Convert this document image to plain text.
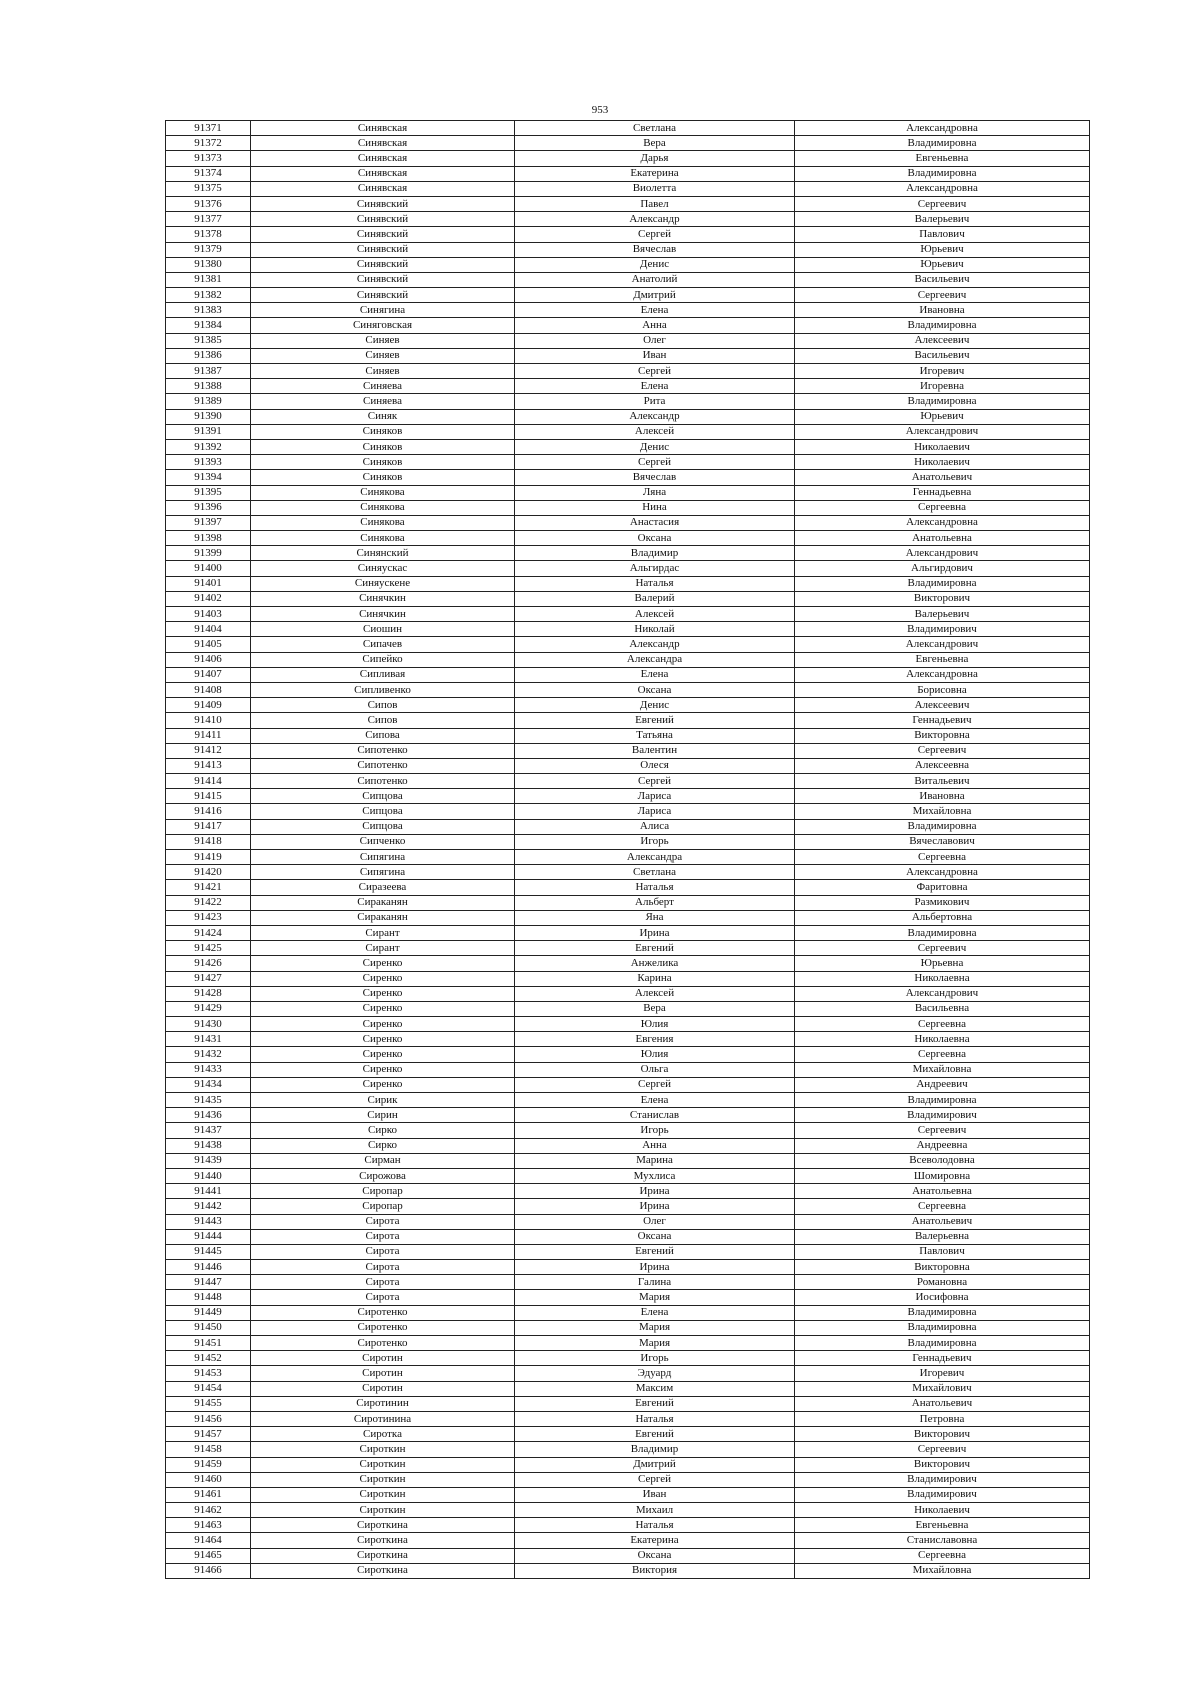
953
91371	Синявская	Светлана	Александровна
91372	Синявская	Вера	Владимировна
91373	Синявская	Дарья	Евгеньевна
91374	Синявская	Екатерина	Владимировна
91375	Синявская	Виолетта	Александровна
91376	Синявский	Павел	Сергеевич
91377	Синявский	Александр	Валерьевич
91378	Синявский	Сергей	Павлович
91379	Синявский	Вячеслав	Юрьевич
91380	Синявский	Денис	Юрьевич
91381	Синявский	Анатолий	Васильевич
91382	Синявский	Дмитрий	Сергеевич
91383	Синягина	Елена	Ивановна
91384	Синяговская	Анна	Владимировна
91385	Синяев	Олег	Алексеевич
91386	Синяев	Иван	Васильевич
91387	Синяев	Сергей	Игоревич
91388	Синяева	Елена	Игоревна
91389	Синяева	Рита	Владимировна
91390	Синяк	Александр	Юрьевич
91391	Синяков	Алексей	Александрович
91392	Синяков	Денис	Николаевич
91393	Синяков	Сергей	Николаевич
91394	Синяков	Вячеслав	Анатольевич
91395	Синякова	Ляна	Геннадьевна
91396	Синякова	Нина	Сергеевна
91397	Синякова	Анастасия	Александровна
91398	Синякова	Оксана	Анатольевна
91399	Синянский	Владимир	Александрович
91400	Синяускас	Альгирдас	Альгирдович
91401	Синяускене	Наталья	Владимировна
91402	Синячкин	Валерий	Викторович
91403	Синячкин	Алексей	Валерьевич
91404	Сиошин	Николай	Владимирович
91405	Сипачев	Александр	Александрович
91406	Сипейко	Александра	Евгеньевна
91407	Сипливая	Елена	Александровна
91408	Сипливенко	Оксана	Борисовна
91409	Сипов	Денис	Алексеевич
91410	Сипов	Евгений	Геннадьевич
91411	Сипова	Татьяна	Викторовна
91412	Сипотенко	Валентин	Сергеевич
91413	Сипотенко	Олеся	Алексеевна
91414	Сипотенко	Сергей	Витальевич
91415	Сипцова	Лариса	Ивановна
91416	Сипцова	Лариса	Михайловна
91417	Сипцова	Алиса	Владимировна
91418	Сипченко	Игорь	Вячеславович
91419	Сипягина	Александра	Сергеевна
91420	Сипягина	Светлана	Александровна
91421	Сиразеева	Наталья	Фаритовна
91422	Сираканян	Альберт	Размикович
91423	Сираканян	Яна	Альбертовна
91424	Сирант	Ирина	Владимировна
91425	Сирант	Евгений	Сергеевич
91426	Сиренко	Анжелика	Юрьевна
91427	Сиренко	Карина	Николаевна
91428	Сиренко	Алексей	Александрович
91429	Сиренко	Вера	Васильевна
91430	Сиренко	Юлия	Сергеевна
91431	Сиренко	Евгения	Николаевна
91432	Сиренко	Юлия	Сергеевна
91433	Сиренко	Ольга	Михайловна
91434	Сиренко	Сергей	Андреевич
91435	Сирик	Елена	Владимировна
91436	Сирин	Станислав	Владимирович
91437	Сирко	Игорь	Сергеевич
91438	Сирко	Анна	Андреевна
91439	Сирман	Марина	Всеволодовна
91440	Сирожова	Мухлиса	Шомировна
91441	Сиропар	Ирина	Анатольевна
91442	Сиропар	Ирина	Сергеевна
91443	Сирота	Олег	Анатольевич
91444	Сирота	Оксана	Валерьевна
91445	Сирота	Евгений	Павлович
91446	Сирота	Ирина	Викторовна
91447	Сирота	Галина	Романовна
91448	Сирота	Мария	Иосифовна
91449	Сиротенко	Елена	Владимировна
91450	Сиротенко	Мария	Владимировна
91451	Сиротенко	Мария	Владимировна
91452	Сиротин	Игорь	Геннадьевич
91453	Сиротин	Эдуард	Игоревич
91454	Сиротин	Максим	Михайлович
91455	Сиротинин	Евгений	Анатольевич
91456	Сиротинина	Наталья	Петровна
91457	Сиротка	Евгений	Викторович
91458	Сироткин	Владимир	Сергеевич
91459	Сироткин	Дмитрий	Викторович
91460	Сироткин	Сергей	Владимирович
91461	Сироткин	Иван	Владимирович
91462	Сироткин	Михаил	Николаевич
91463	Сироткина	Наталья	Евгеньевна
91464	Сироткина	Екатерина	Станиславовна
91465	Сироткина	Оксана	Сергеевна
91466	Сироткина	Виктория	Михайловна
